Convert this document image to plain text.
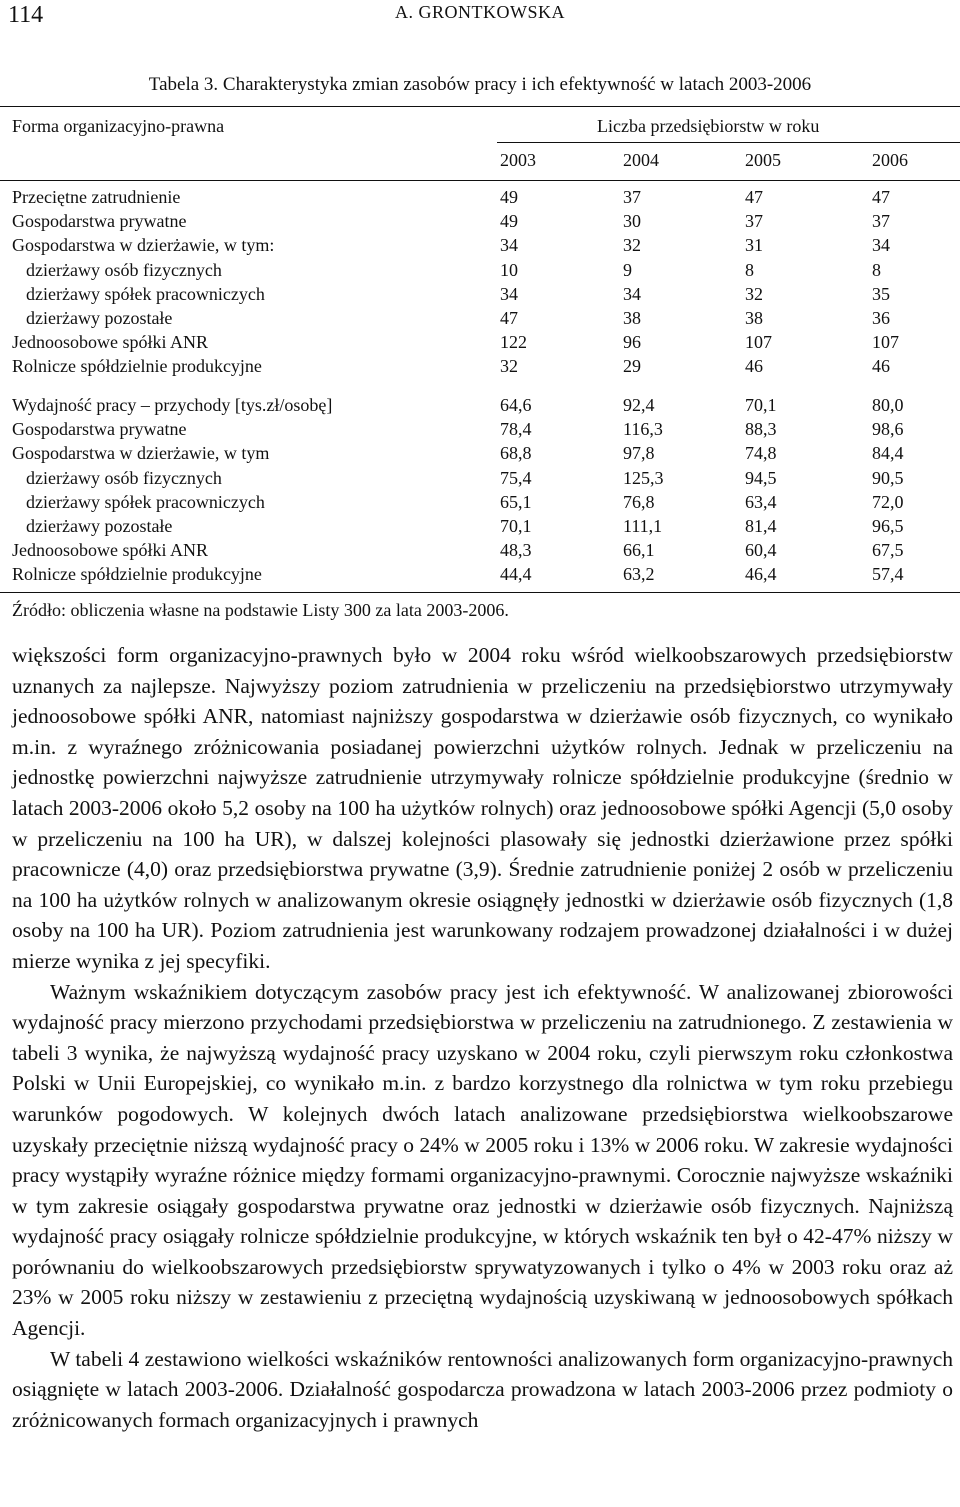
114	A. GRONTKOWSKA
Tabela 3. Charakterystyka zmian zasobów pracy i ich efektywność w latach 2003-2006
Forma organizacyjno-prawna	Liczba przedsiębiorstw w roku
2003	2004	2005	2006
Przeciętne zatrudnienie	49	37	47	47
Gospodarstwa prywatne	49	30	37	37
Gospodarstwa w dzierżawie, w tym:	34	32	31	34
dzierżawy osób fizycznych	10	9	8	8
dzierżawy spółek pracowniczych	34	34	32	35
dzierżawy pozostałe	47	38	38	36
Jednoosobowe spółki ANR	122	96	107	107
Rolnicze spółdzielnie produkcyjne	32	29	46	46
Wydajność pracy – przychody [tys.zł/osobę]	64,6	92,4	70,1	80,0
Gospodarstwa prywatne	78,4	116,3	88,3	98,6
Gospodarstwa w dzierżawie, w tym	68,8	97,8	74,8	84,4
dzierżawy osób fizycznych	75,4	125,3	94,5	90,5
dzierżawy spółek pracowniczych	65,1	76,8	63,4	72,0
dzierżawy pozostałe	70,1	111,1	81,4	96,5
Jednoosobowe spółki ANR	48,3	66,1	60,4	67,5
Rolnicze spółdzielnie produkcyjne	44,4	63,2	46,4	57,4
Źródło: obliczenia własne na podstawie Listy 300 za lata 2003-2006.

większości form organizacyjno-prawnych było w 2004 roku wśród wielkoobszarowych przedsiębiorstw uznanych za najlepsze. Najwyższy poziom zatrudnienia w przeliczeniu na przedsiębiorstwo utrzymywały jednoosobowe spółki ANR, natomiast najniższy gospodarstwa w dzierżawie osób fizycznych, co wynikało m.in. z wyraźnego zróżnicowania posiadanej powierzchni użytków rolnych. Jednak w przeliczeniu na jednostkę powierzchni najwyższe zatrudnienie utrzymywały rolnicze spółdzielnie produkcyjne (średnio w latach 2003-2006 około 5,2 osoby na 100 ha użytków rolnych) oraz jednoosobowe spółki Agencji (5,0 osoby w przeliczeniu na 100 ha UR), w dalszej kolejności plasowały się jednostki dzierżawione przez spółki pracownicze (4,0) oraz przedsiębiorstwa prywatne (3,9). Średnie zatrudnienie poniżej 2 osób w przeliczeniu na 100 ha użytków rolnych w analizowanym okresie osiągnęły jednostki w dzierżawie osób fizycznych (1,8 osoby na 100 ha UR). Poziom zatrudnienia jest warunkowany rodzajem prowadzonej działalności i w dużej mierze wynika z jej specyfiki.

Ważnym wskaźnikiem dotyczącym zasobów pracy jest ich efektywność. W analizowanej zbiorowości wydajność pracy mierzono przychodami przedsiębiorstwa w przeliczeniu na zatrudnionego. Z zestawienia w tabeli 3 wynika, że najwyższą wydajność pracy uzyskano w 2004 roku, czyli pierwszym roku członkostwa Polski w Unii Europejskiej, co wynikało m.in. z bardzo korzystnego dla rolnictwa w tym roku przebiegu warunków pogodowych. W kolejnych dwóch latach analizowane przedsiębiorstwa wielkoobszarowe uzyskały przeciętnie niższą wydajność pracy o 24% w 2005 roku i 13% w 2006 roku. W zakresie wydajności pracy wystąpiły wyraźne różnice między formami organizacyjno-prawnymi. Corocznie najwyższe wskaźniki w tym zakresie osiągały gospodarstwa prywatne oraz jednostki w dzierżawie osób fizycznych. Najniższą wydajność pracy osiągały rolnicze spółdzielnie produkcyjne, w których wskaźnik ten był o 42-47% niższy w porównaniu do wielkoobszarowych przedsiębiorstw sprywatyzowanych i tylko o 4% w 2003 roku oraz aż 23% w 2005 roku niższy w zestawieniu z przeciętną wydajnością uzyskiwaną w jednoosobowych spółkach Agencji.

W tabeli 4 zestawiono wielkości wskaźników rentowności analizowanych form organizacyjno-prawnych osiągnięte w latach 2003-2006. Działalność gospodarcza prowadzona w latach 2003-2006 przez podmioty o zróżnicowanych formach organizacyjnych i prawnych
